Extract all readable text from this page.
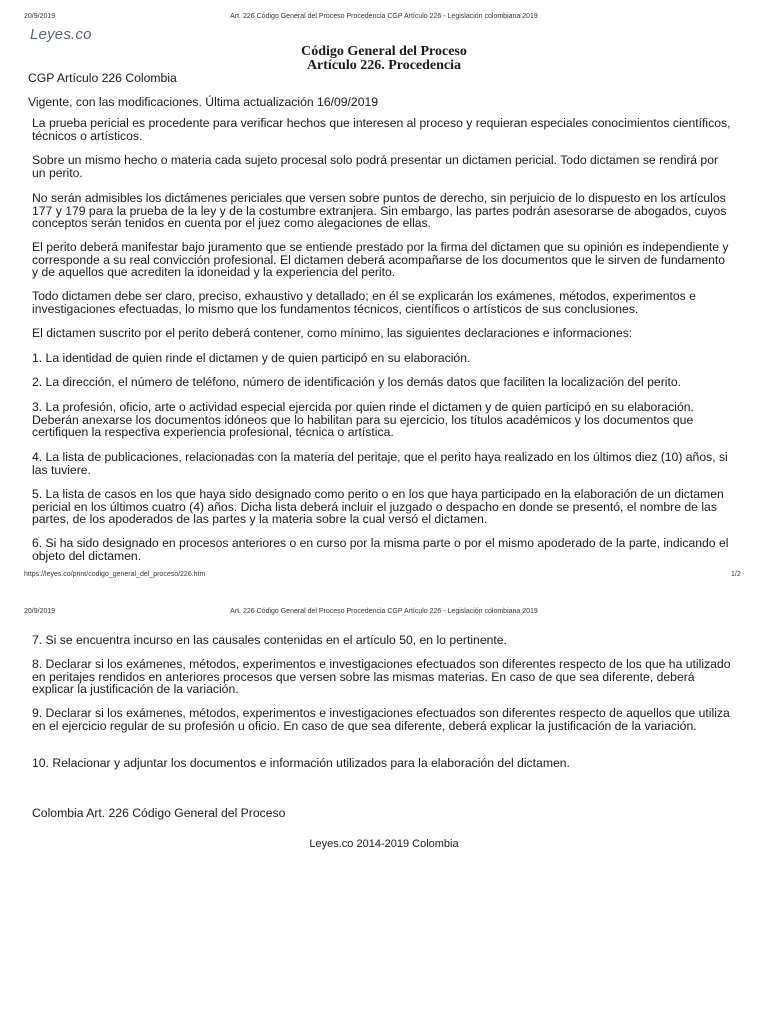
20/9/2019	Art. 226 Código General del Proceso Procedencia CGP Artículo 226 - Legislación colombiana 2019
Leyes.co
Código General del Proceso
Artículo 226. Procedencia
CGP Artículo 226 Colombia
Vigente, con las modificaciones. Última actualización 16/09/2019
La prueba pericial es procedente para verificar hechos que interesen al proceso y requieran especiales conocimientos científicos, técnicos o artísticos.
Sobre un mismo hecho o materia cada sujeto procesal solo podrá presentar un dictamen pericial. Todo dictamen se rendirá por un perito.
No serán admisibles los dictámenes periciales que versen sobre puntos de derecho, sin perjuicio de lo dispuesto en los artículos 177 y 179 para la prueba de la ley y de la costumbre extranjera. Sin embargo, las partes podrán asesorarse de abogados, cuyos conceptos serán tenidos en cuenta por el juez como alegaciones de ellas.
El perito deberá manifestar bajo juramento que se entiende prestado por la firma del dictamen que su opinión es independiente y corresponde a su real convicción profesional. El dictamen deberá acompañarse de los documentos que le sirven de fundamento y de aquellos que acrediten la idoneidad y la experiencia del perito.
Todo dictamen debe ser claro, preciso, exhaustivo y detallado; en él se explicarán los exámenes, métodos, experimentos e investigaciones efectuadas, lo mismo que los fundamentos técnicos, científicos o artísticos de sus conclusiones.
El dictamen suscrito por el perito deberá contener, como mínimo, las siguientes declaraciones e informaciones:
1. La identidad de quien rinde el dictamen y de quien participó en su elaboración.
2. La dirección, el número de teléfono, número de identificación y los demás datos que faciliten la localización del perito.
3. La profesión, oficio, arte o actividad especial ejercida por quien rinde el dictamen y de quien participó en su elaboración. Deberán anexarse los documentos idóneos que lo habilitan para su ejercicio, los títulos académicos y los documentos que certifiquen la respectiva experiencia profesional, técnica o artística.
4. La lista de publicaciones, relacionadas con la materia del peritaje, que el perito haya realizado en los últimos diez (10) años, si las tuviere.
5. La lista de casos en los que haya sido designado como perito o en los que haya participado en la elaboración de un dictamen pericial en los últimos cuatro (4) años. Dicha lista deberá incluir el juzgado o despacho en donde se presentó, el nombre de las partes, de los apoderados de las partes y la materia sobre la cual versó el dictamen.
6. Si ha sido designado en procesos anteriores o en curso por la misma parte o por el mismo apoderado de la parte, indicando el objeto del dictamen.
https://leyes.co/print/codigo_general_del_proceso/226.htm	1/2
20/9/2019	Art. 226 Código General del Proceso Procedencia CGP Artículo 226 - Legislación colombiana 2019
7. Si se encuentra incurso en las causales contenidas en el artículo 50, en lo pertinente.
8. Declarar si los exámenes, métodos, experimentos e investigaciones efectuados son diferentes respecto de los que ha utilizado en peritajes rendidos en anteriores procesos que versen sobre las mismas materias. En caso de que sea diferente, deberá explicar la justificación de la variación.
9. Declarar si los exámenes, métodos, experimentos e investigaciones efectuados son diferentes respecto de aquellos que utiliza en el ejercicio regular de su profesión u oficio. En caso de que sea diferente, deberá explicar la justificación de la variación.
10. Relacionar y adjuntar los documentos e información utilizados para la elaboración del dictamen.
Colombia Art. 226 Código General del Proceso
Leyes.co 2014-2019 Colombia
